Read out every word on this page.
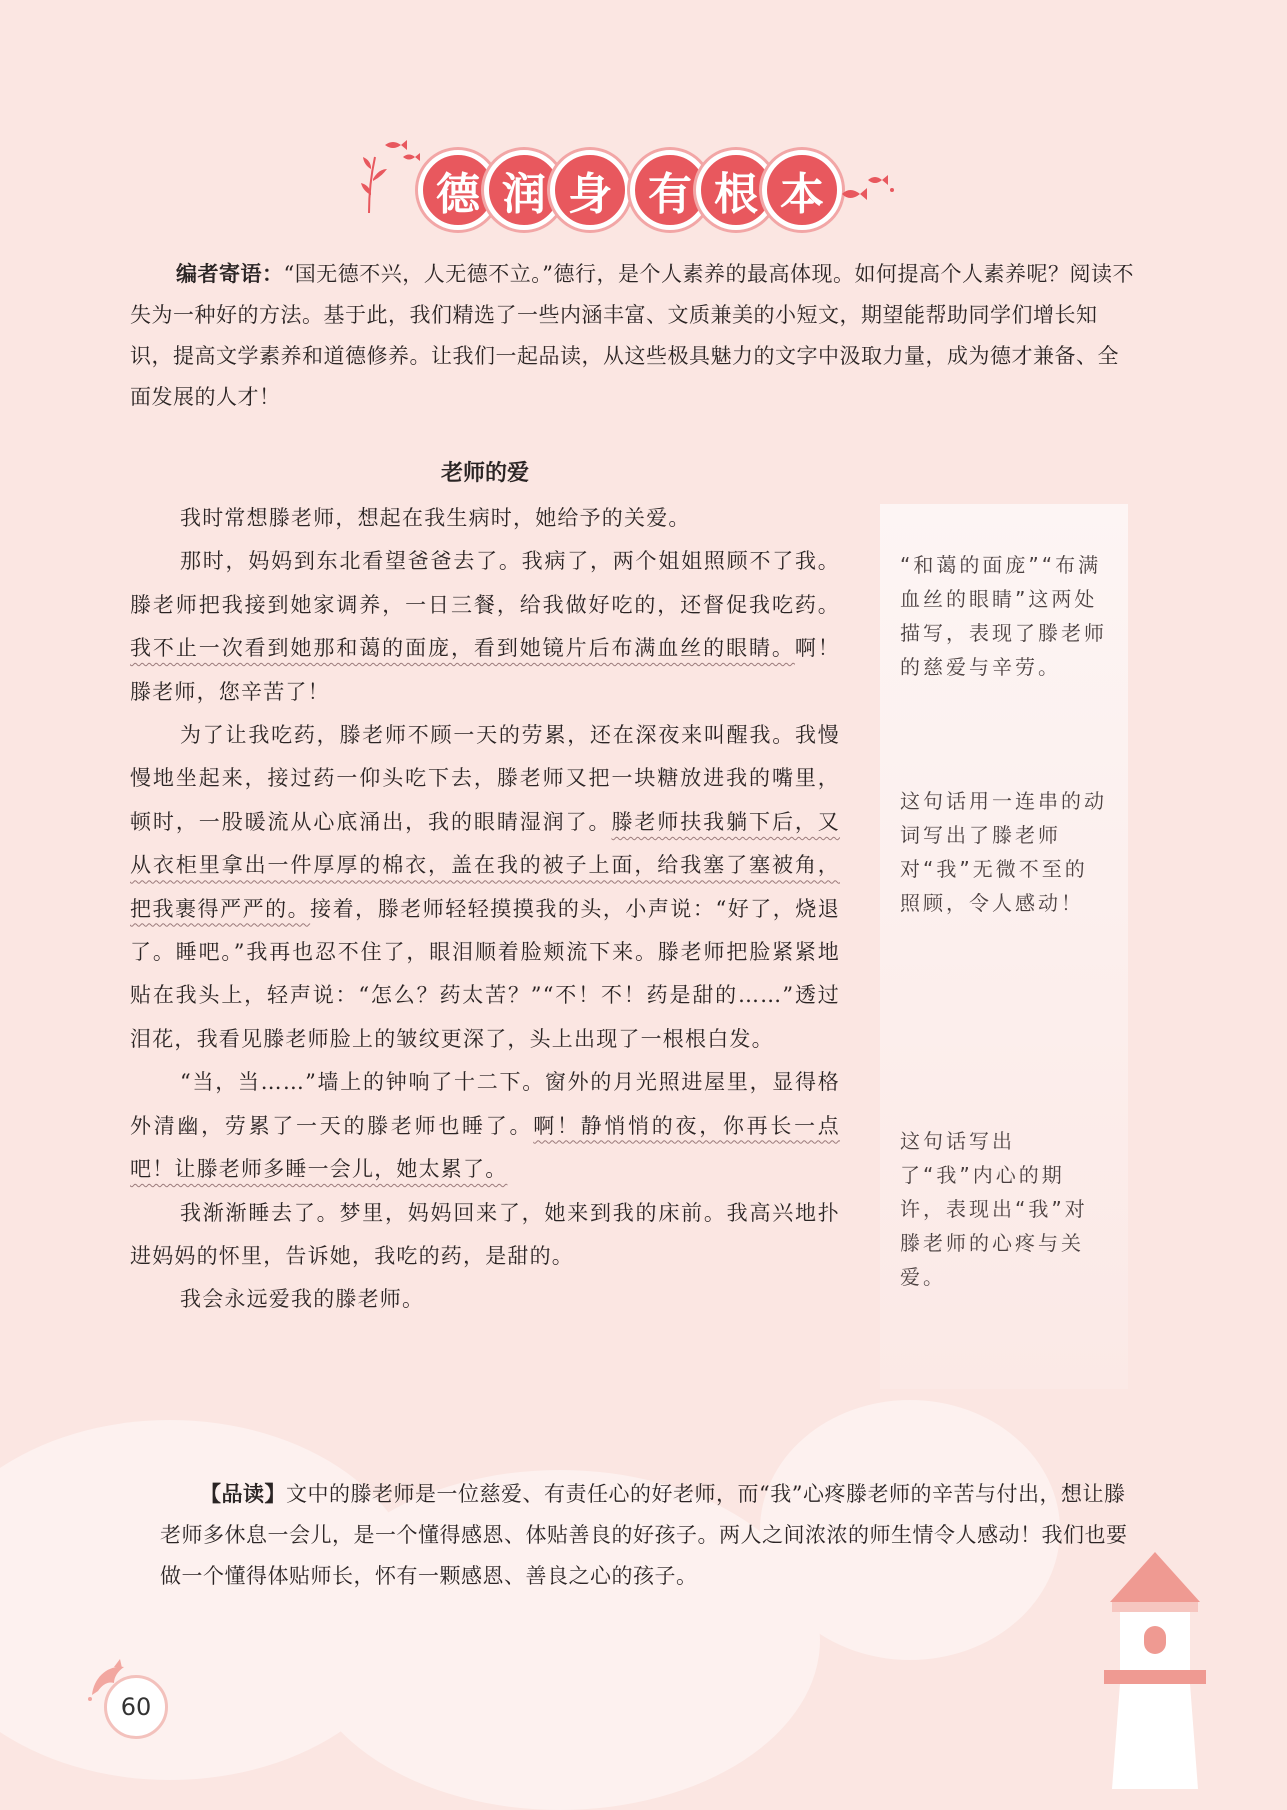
德 润 身 有 根 本
编者寄语：“国无德不兴，人无德不立。”德行，是个人素养的最高体现。如何提高个人素养呢？阅读不失为一种好的方法。基于此，我们精选了一些内涵丰富、文质兼美的小短文，期望能帮助同学们增长知识，提高文学素养和道德修养。让我们一起品读，从这些极具魅力的文字中汲取力量，成为德才兼备、全面发展的人才！
老师的爱

我时常想滕老师，想起在我生病时，她给予的关爱。

那时，妈妈到东北看望爸爸去了。我病了，两个姐姐照顾不了我。滕老师把我接到她家调养，一日三餐，给我做好吃的，还督促我吃药。我不止一次看到她那和蔼的面庞，看到她镜片后布满血丝的眼睛。啊！滕老师，您辛苦了！

为了让我吃药，滕老师不顾一天的劳累，还在深夜来叫醒我。我慢慢地坐起来，接过药一仰头吃下去，滕老师又把一块糖放进我的嘴里，顿时，一股暖流从心底涌出，我的眼睛湿润了。滕老师扶我躺下后，又从衣柜里拿出一件厚厚的棉衣，盖在我的被子上面，给我塞了塞被角，把我裹得严严的。接着，滕老师轻轻摸摸我的头，小声说：“好了，烧退了。睡吧。”我再也忍不住了，眼泪顺着脸颊流下来。滕老师把脸紧紧地贴在我头上，轻声说：“怎么？药太苦？”“不！不！药是甜的……”透过泪花，我看见滕老师脸上的皱纹更深了，头上出现了一根根白发。

“当，当……”墙上的钟响了十二下。窗外的月光照进屋里，显得格外清幽，劳累了一天的滕老师也睡了。啊！静悄悄的夜，你再长一点吧！让滕老师多睡一会儿，她太累了。

我渐渐睡去了。梦里，妈妈回来了，她来到我的床前。我高兴地扑进妈妈的怀里，告诉她，我吃的药，是甜的。

我会永远爱我的滕老师。

“和蔼的面庞”“布满血丝的眼睛”这两处描写，表现了滕老师的慈爱与辛劳。
这句话用一连串的动词写出了滕老师对“我”无微不至的照顾，令人感动！
这句话写出了“我”内心的期许，表现出“我”对滕老师的心疼与关爱。
【品读】文中的滕老师是一位慈爱、有责任心的好老师，而“我”心疼滕老师的辛苦与付出，想让滕老师多休息一会儿，是一个懂得感恩、体贴善良的好孩子。两人之间浓浓的师生情令人感动！我们也要做一个懂得体贴师长，怀有一颗感恩、善良之心的孩子。
60
